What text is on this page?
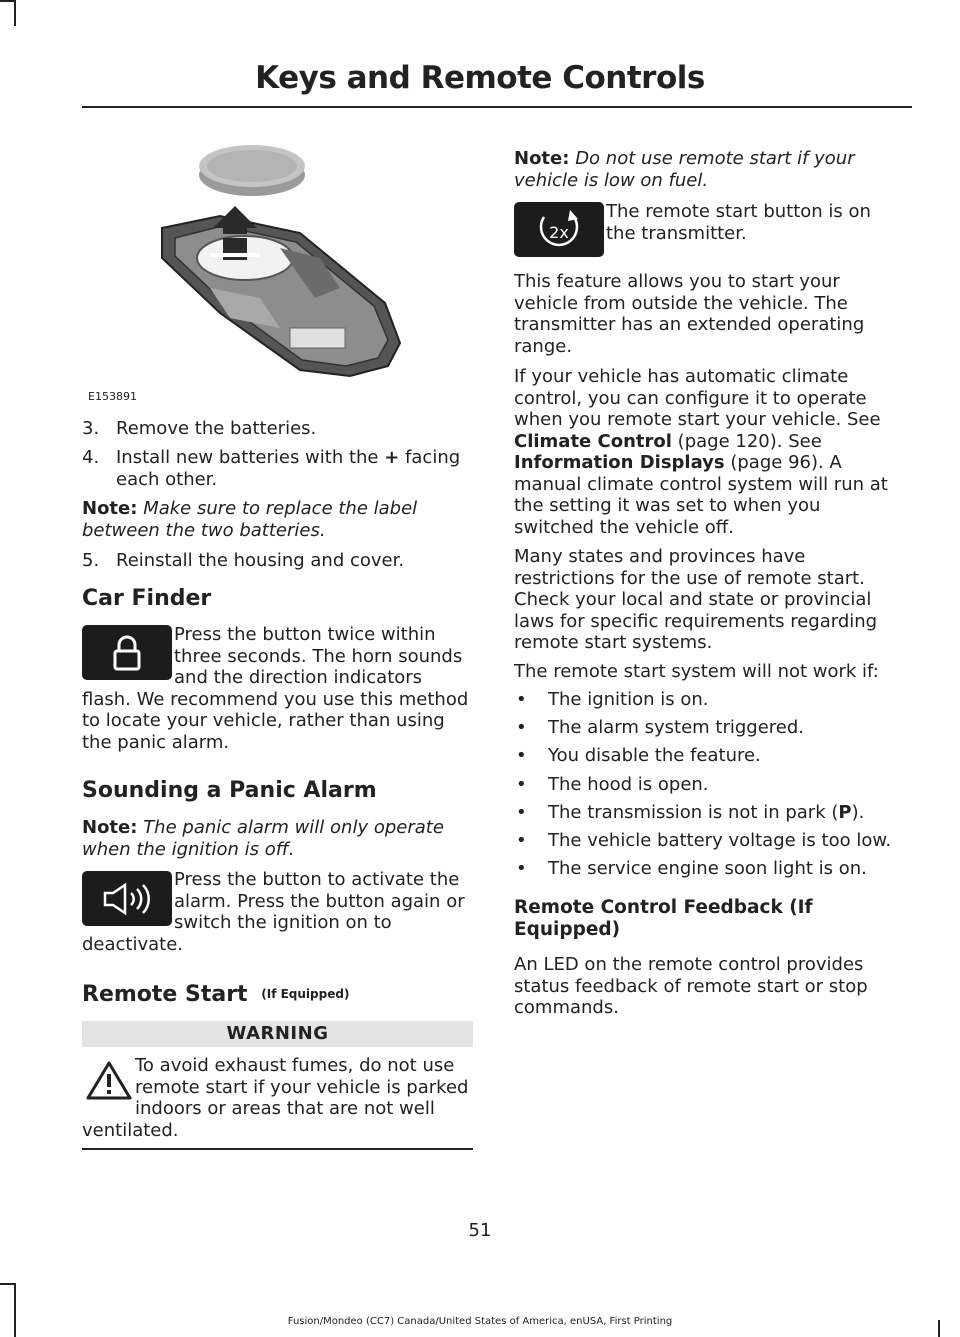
Keys and Remote Controls
E153891
3. Remove the batteries.
4. Install new batteries with the + facing each other.

Note: Make sure to replace the label between the two batteries.

5. Reinstall the housing and cover.
Car Finder

Press the button twice within three seconds. The horn sounds and the direction indicators flash. We recommend you use this method to locate your vehicle, rather than using the panic alarm.

Sounding a Panic Alarm

Note: The panic alarm will only operate when the ignition is off.

Press the button to activate the alarm. Press the button again or switch the ignition on to deactivate.

Remote Start (If Equipped)
WARNING

To avoid exhaust fumes, do not use remote start if your vehicle is parked indoors or areas that are not well ventilated.

Note: Do not use remote start if your vehicle is low on fuel.

2x

The remote start button is on the transmitter.

This feature allows you to start your vehicle from outside the vehicle. The transmitter has an extended operating range.

If your vehicle has automatic climate control, you can configure it to operate when you remote start your vehicle. See Climate Control (page 120). See Information Displays (page 96). A manual climate control system will run at the setting it was set to when you switched the vehicle off.

Many states and provinces have restrictions for the use of remote start. Check your local and state or provincial laws for specific requirements regarding remote start systems.

The remote start system will not work if:

• The ignition is on.
• The alarm system triggered.
• You disable the feature.
• The hood is open.
• The transmission is not in park (P).
• The vehicle battery voltage is too low.
• The service engine soon light is on.
Remote Control Feedback (If Equipped)

An LED on the remote control provides status feedback of remote start or stop commands.

51
Fusion/Mondeo (CC7) Canada/United States of America, enUSA, First Printing
